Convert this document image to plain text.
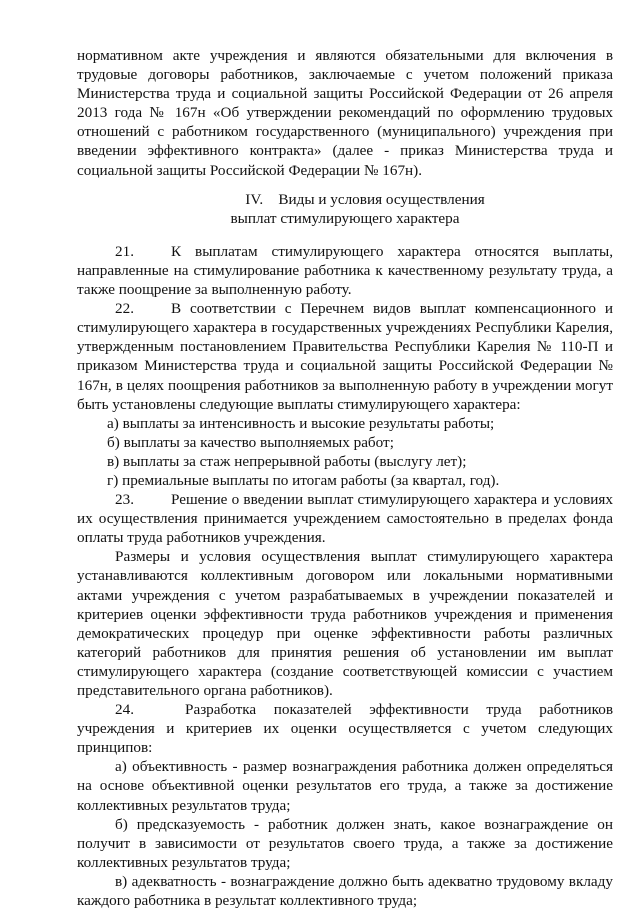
нормативном акте учреждения и являются обязательными для включения в трудовые договоры работников, заключаемые с учетом положений приказа Министерства труда и социальной защиты Российской Федерации от 26 апреля 2013 года № 167н «Об утверждении рекомендаций по оформлению трудовых отношений с работником государственного (муниципального) учреждения при введении эффективного контракта» (далее - приказ Министерства труда и социальной защиты Российской Федерации № 167н).

IV. Виды и условия осуществления
выплат стимулирующего характера

21. К выплатам стимулирующего характера относятся выплаты, направленные на стимулирование работника к качественному результату труда, а также поощрение за выполненную работу.

22. В соответствии с Перечнем видов выплат компенсационного и стимулирующего характера в государственных учреждениях Республики Карелия, утвержденным постановлением Правительства Республики Карелия № 110-П и приказом Министерства труда и социальной защиты Российской Федерации № 167н, в целях поощрения работников за выполненную работу в учреждении могут быть установлены следующие выплаты стимулирующего характера:

а) выплаты за интенсивность и высокие результаты работы;

б) выплаты за качество выполняемых работ;

в) выплаты за стаж непрерывной работы (выслугу лет);

г) премиальные выплаты по итогам работы (за квартал, год).

23. Решение о введении выплат стимулирующего характера и условиях их осуществления принимается учреждением самостоятельно в пределах фонда оплаты труда работников учреждения.

Размеры и условия осуществления выплат стимулирующего характера устанавливаются коллективным договором или локальными нормативными актами учреждения с учетом разрабатываемых в учреждении показателей и критериев оценки эффективности труда работников учреждения и применения демократических процедур при оценке эффективности работы различных категорий работников для принятия решения об установлении им выплат стимулирующего характера (создание соответствующей комиссии с участием представительного органа работников).

24.	Разработка показателей эффективности труда работников учреждения и критериев их оценки осуществляется с учетом следующих принципов:

а) объективность - размер вознаграждения работника должен определяться на основе объективной оценки результатов его труда, а также за достижение коллективных результатов труда;

б) предсказуемость - работник должен знать, какое вознаграждение он получит в зависимости от результатов своего труда, а также за достижение коллективных результатов труда;

в) адекватность - вознаграждение должно быть адекватно трудовому вкладу каждого работника в результат коллективного труда;
